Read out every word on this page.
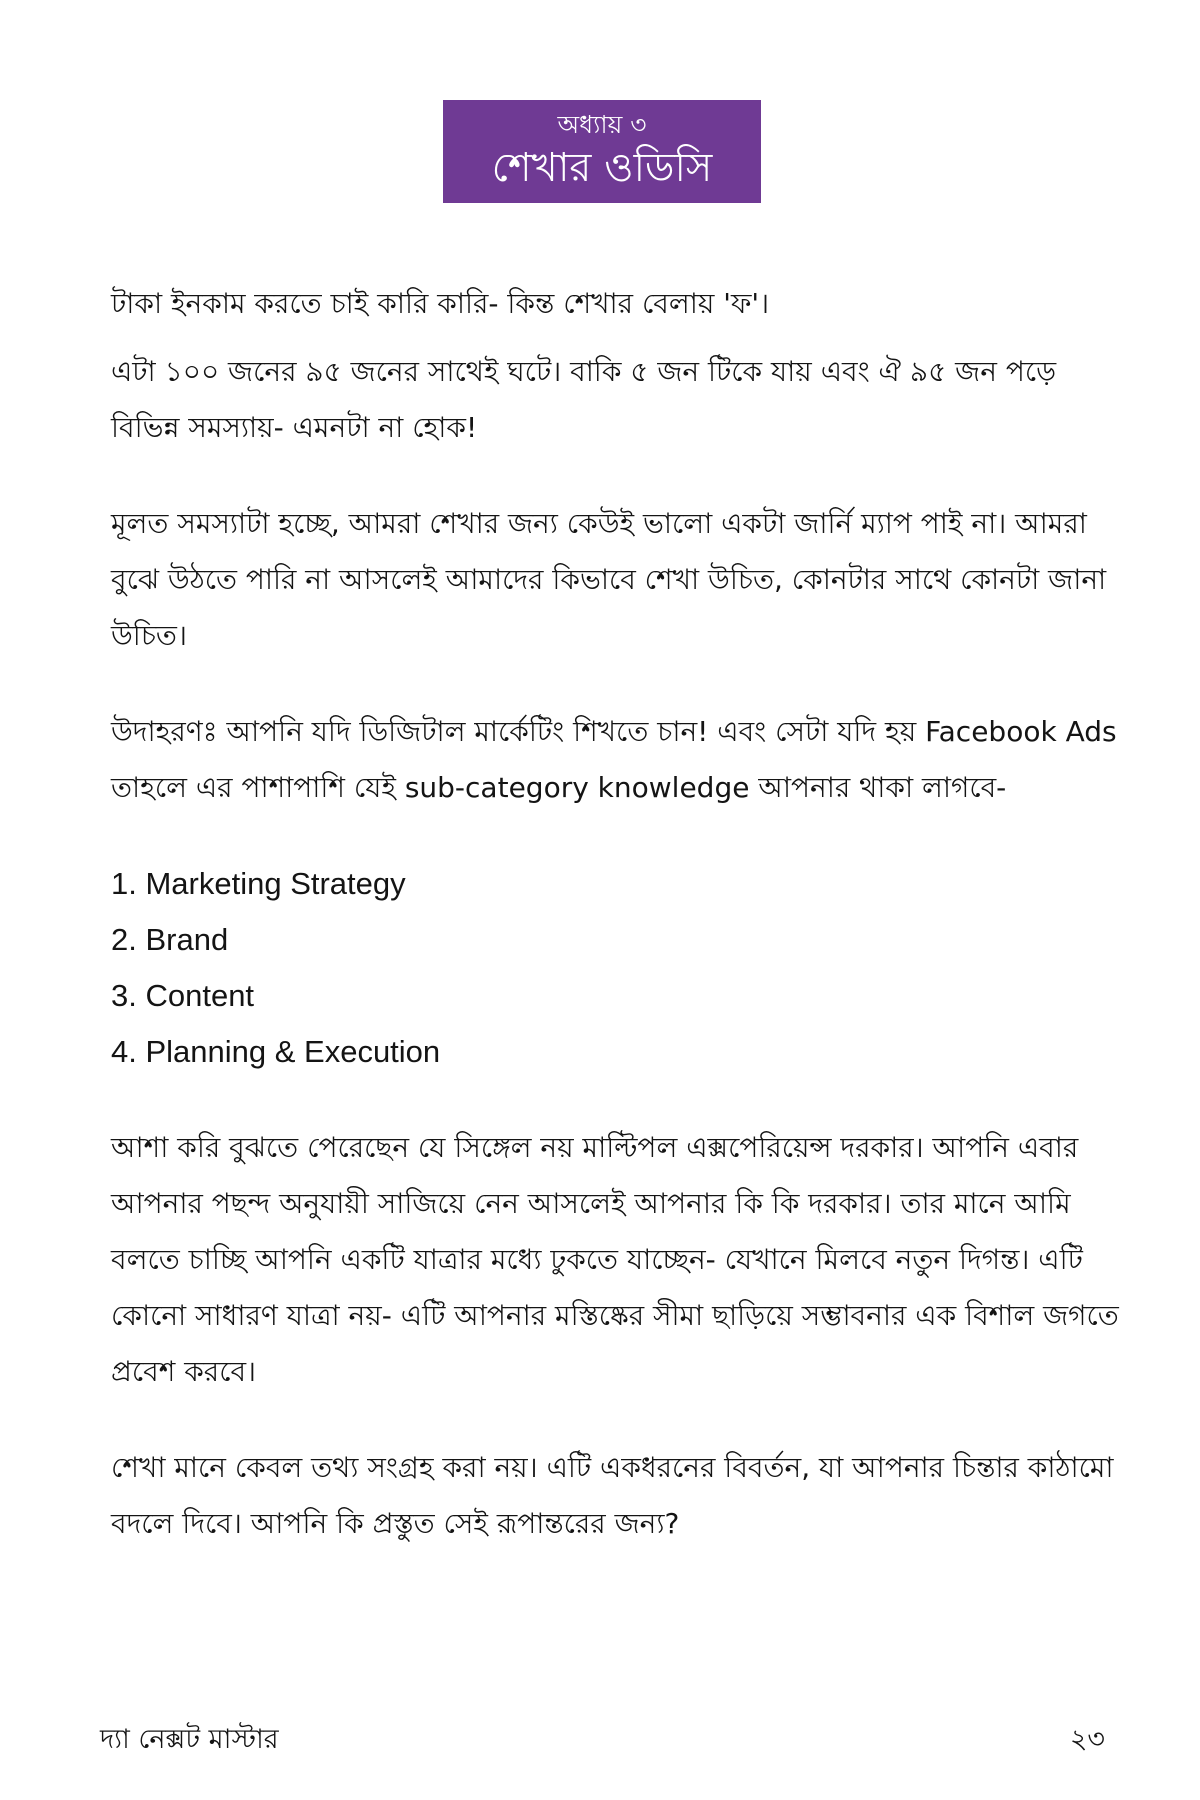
অধ্যায় ৩
শেখার ওডিসি

টাকা ইনকাম করতে চাই কারি কারি- কিন্ত শেখার বেলায় 'ফ'।

এটা ১০০ জনের ৯৫ জনের সাথেই ঘটে। বাকি ৫ জন টিকে যায় এবং ঐ ৯৫ জন পড়ে বিভিন্ন সমস্যায়- এমনটা না হোক!

মূলত সমস্যাটা হচ্ছে, আমরা শেখার জন্য কেউই ভালো একটা জার্নি ম্যাপ পাই না। আমরা বুঝে উঠতে পারি না আসলেই আমাদের কিভাবে শেখা উচিত, কোনটার সাথে কোনটা জানা উচিত।

উদাহরণঃ আপনি যদি ডিজিটাল মার্কেটিং শিখতে চান! এবং সেটা যদি হয় Facebook Ads তাহলে এর পাশাপাশি যেই sub-category knowledge আপনার থাকা লাগবে-

1. Marketing Strategy
2. Brand
3. Content
4. Planning & Execution

আশা করি বুঝতে পেরেছেন যে সিঙ্গেল নয় মাল্টিপল এক্সপেরিয়েন্স দরকার। আপনি এবার আপনার পছন্দ অনুযায়ী সাজিয়ে নেন আসলেই আপনার কি কি দরকার। তার মানে আমি বলতে চাচ্ছি আপনি একটি যাত্রার মধ্যে ঢুকতে যাচ্ছেন- যেখানে মিলবে নতুন দিগন্ত। এটি কোনো সাধারণ যাত্রা নয়- এটি আপনার মস্তিষ্কের সীমা ছাড়িয়ে সম্ভাবনার এক বিশাল জগতে প্রবেশ করবে।

শেখা মানে কেবল তথ্য সংগ্রহ করা নয়। এটি একধরনের বিবর্তন, যা আপনার চিন্তার কাঠামো বদলে দিবে। আপনি কি প্রস্তুত সেই রূপান্তরের জন্য?

দ্যা নেক্সট মাস্টার	২৩
